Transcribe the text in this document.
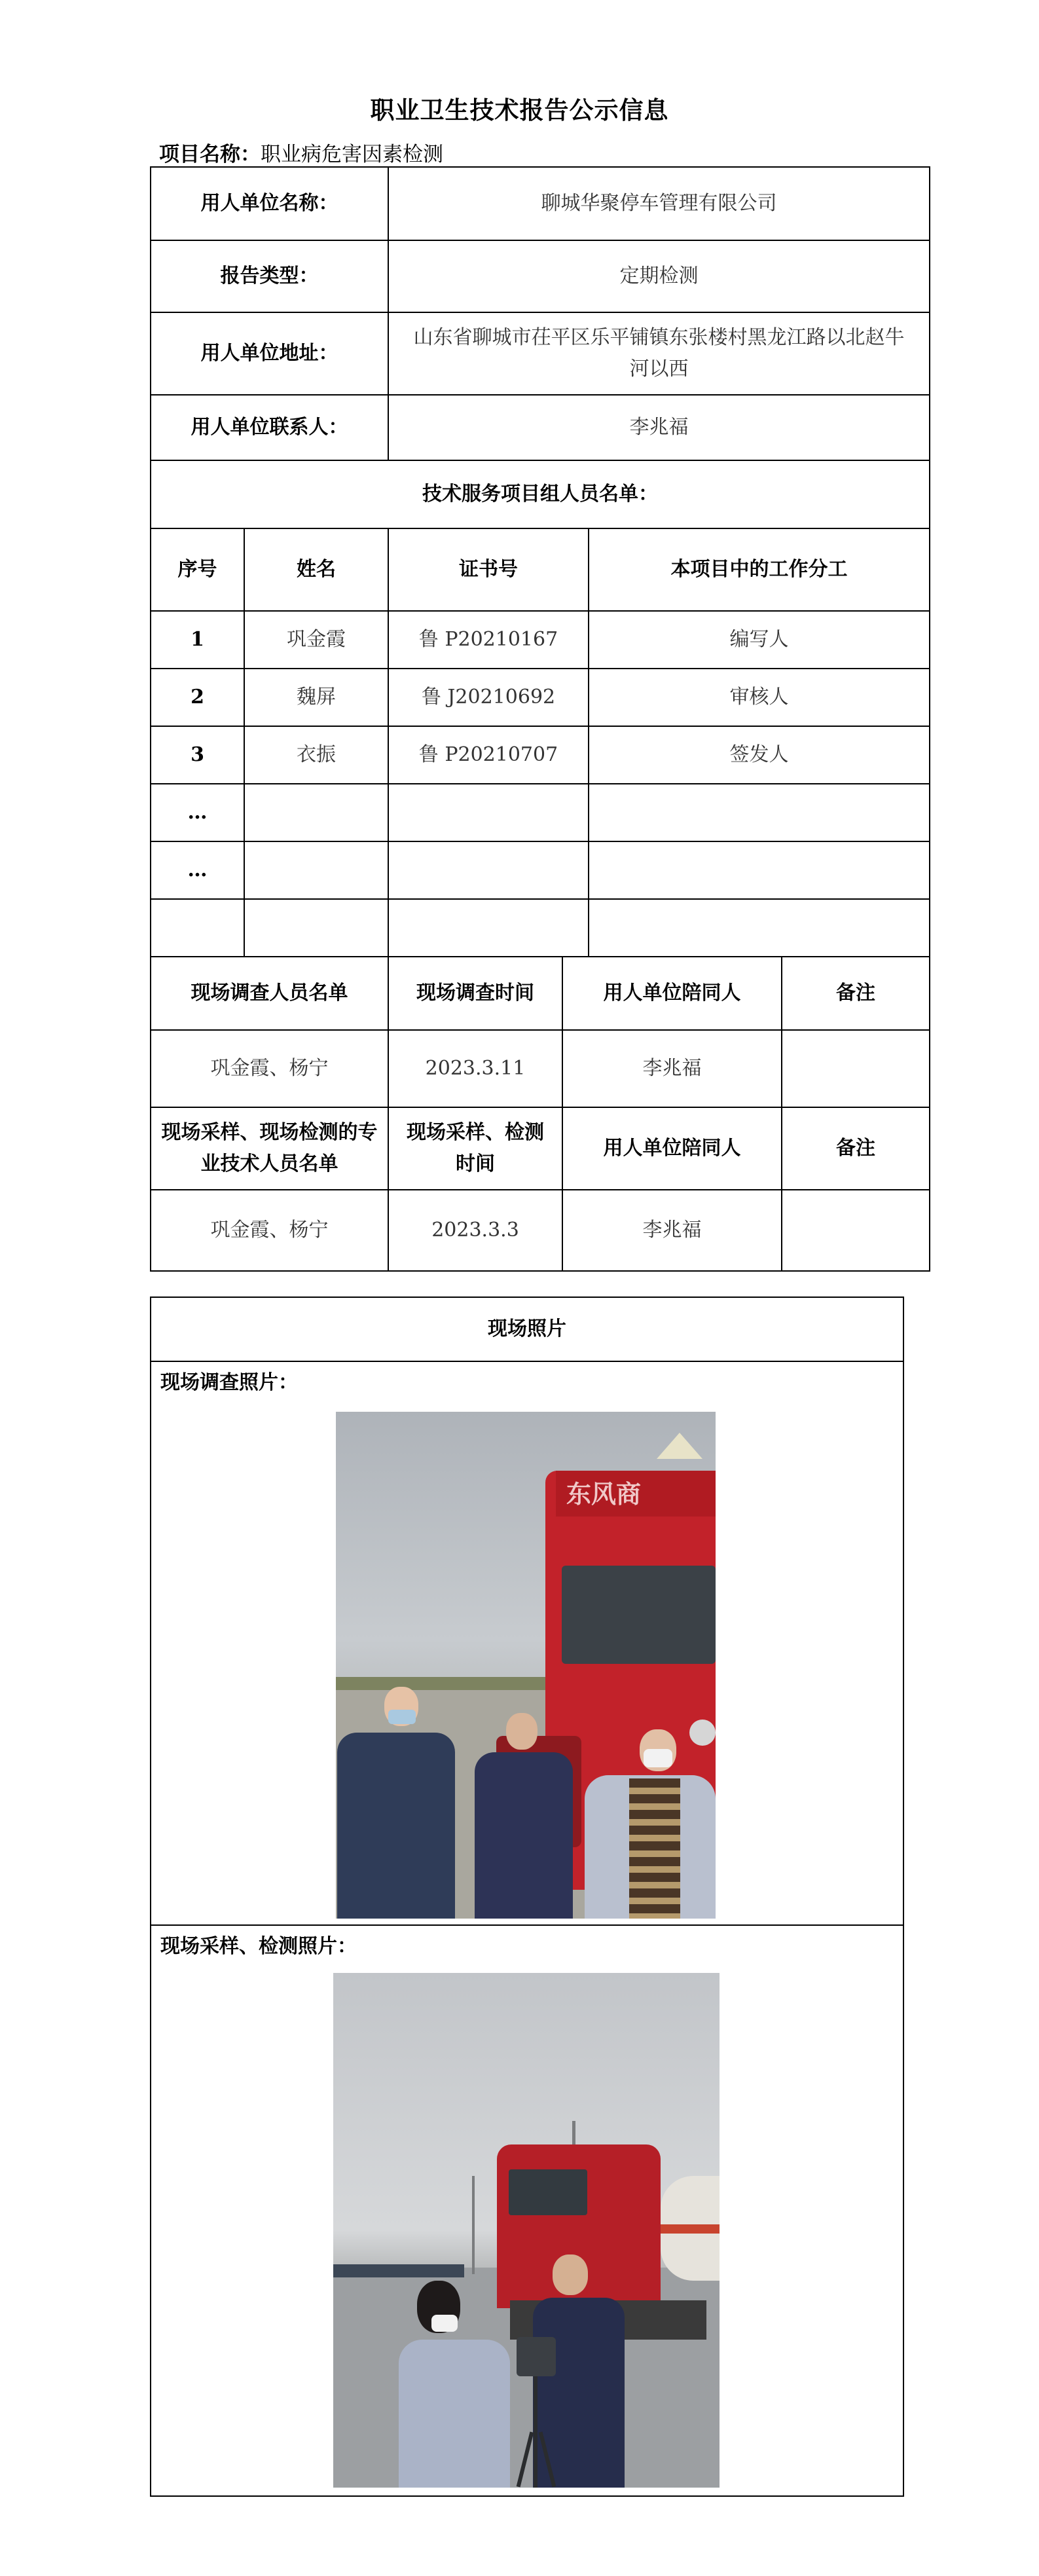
职业卫生技术报告公示信息
项目名称：职业病危害因素检测
用人单位名称：		聊城华聚停车管理有限公司			
报告类型：		定期检测			
用人单位地址：		山东省聊城市茌平区乐平铺镇东张楼村黑龙江路以北赵牛河以西			
用人单位联系人：		李兆福			
技术服务项目组人员名单：					
序号	姓名	证书号		本项目中的工作分工	
1	巩金霞	鲁 P20210167		编写人	
2	魏屏	鲁 J20210692		审核人	
3	衣振	鲁 P20210707		签发人	
…					
…					

现场调查人员名单		现场调查时间	用人单位陪同人		备注
巩金霞、杨宁		2023.3.11	李兆福		
现场采样、现场检测的专业技术人员名单		现场采样、检测时间	用人单位陪同人		备注
巩金霞、杨宁		2023.3.3	李兆福		
现场照片

现场调查照片：
东风商

现场采样、检测照片：
